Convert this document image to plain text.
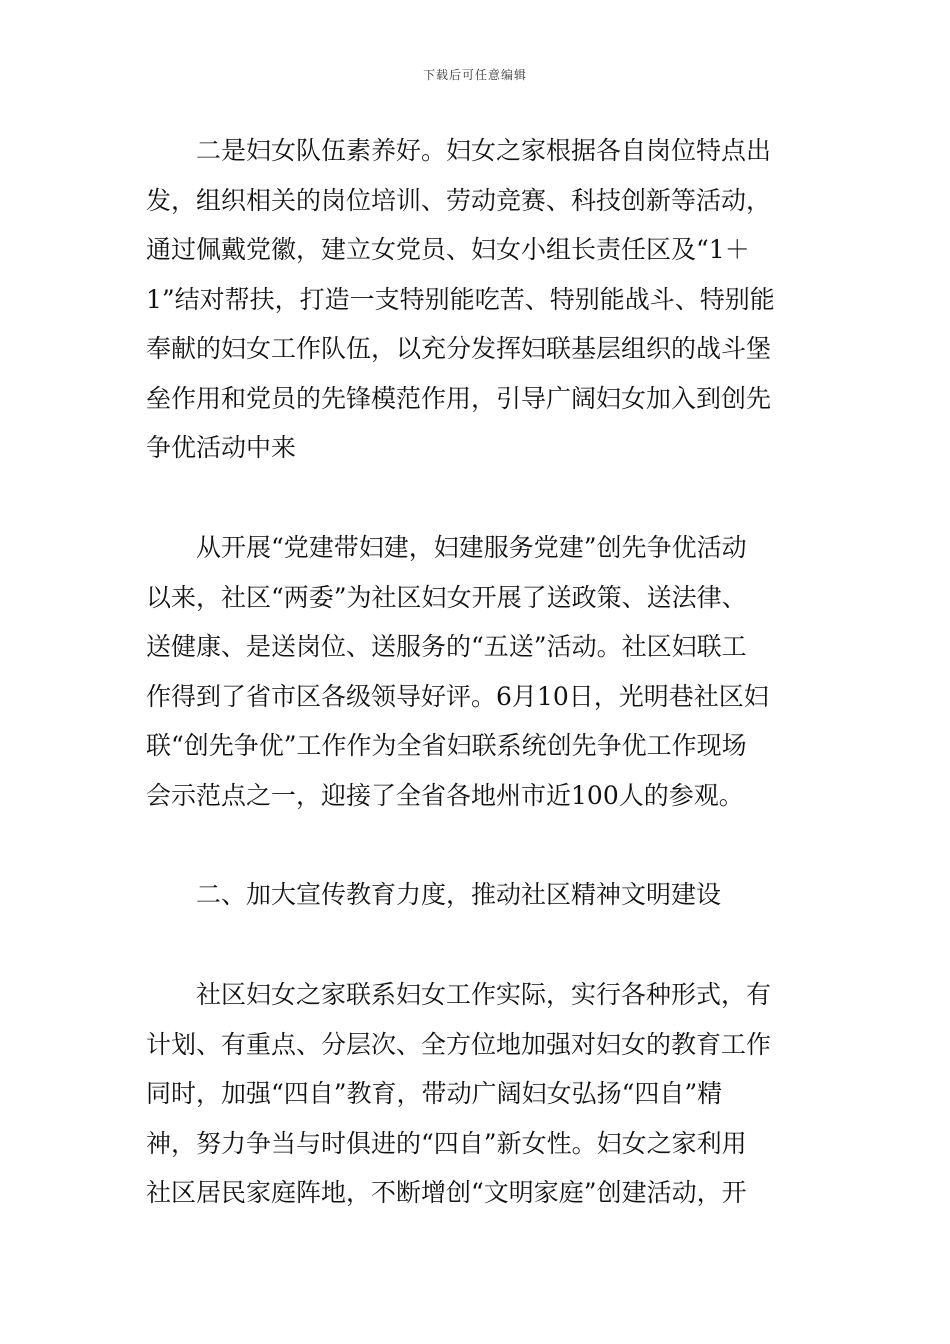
下载后可任意编辑

二是妇女队伍素养好。妇女之家根据各自岗位特点出
发，组织相关的岗位培训、劳动竞赛、科技创新等活动，
通过佩戴党徽，建立女党员、妇女小组长责任区及“1＋
1”结对帮扶，打造一支特别能吃苦、特别能战斗、特别能
奉献的妇女工作队伍，以充分发挥妇联基层组织的战斗堡
垒作用和党员的先锋模范作用，引导广阔妇女加入到创先
争优活动中来

从开展“党建带妇建，妇建服务党建”创先争优活动
以来，社区“两委”为社区妇女开展了送政策、送法律、
送健康、是送岗位、送服务的“五送”活动。社区妇联工
作得到了省市区各级领导好评。6月10日，光明巷社区妇
联“创先争优”工作作为全省妇联系统创先争优工作现场
会示范点之一，迎接了全省各地州市近100人的参观。

二、加大宣传教育力度，推动社区精神文明建设

社区妇女之家联系妇女工作实际，实行各种形式，有
计划、有重点、分层次、全方位地加强对妇女的教育工作
同时，加强“四自”教育，带动广阔妇女弘扬“四自”精
神，努力争当与时俱进的“四自”新女性。妇女之家利用
社区居民家庭阵地，不断增创“文明家庭”创建活动，开
